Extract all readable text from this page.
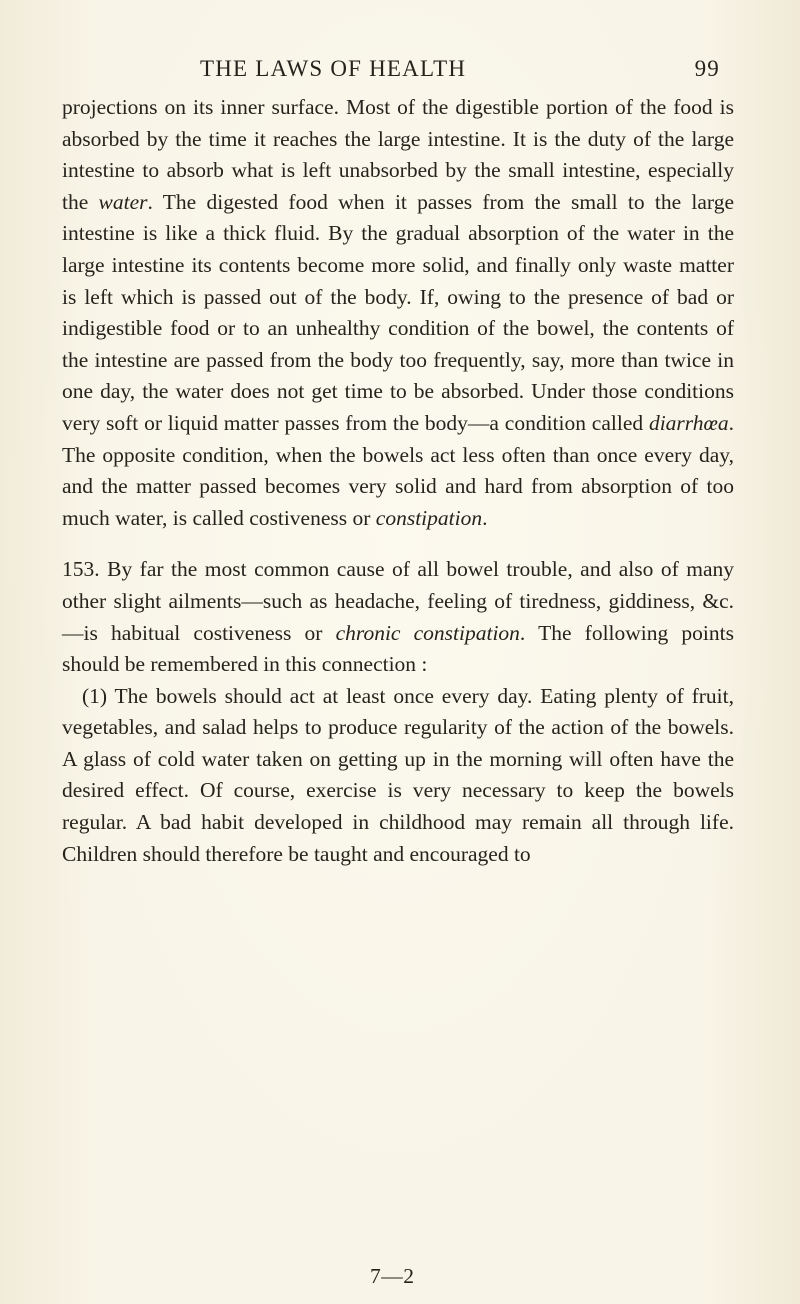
THE LAWS OF HEALTH	99

projections on its inner surface. Most of the digestible portion of the food is absorbed by the time it reaches the large intestine. It is the duty of the large intestine to absorb what is left unabsorbed by the small intestine, especially the water. The digested food when it passes from the small to the large intestine is like a thick fluid. By the gradual absorption of the water in the large intestine its contents become more solid, and finally only waste matter is left which is passed out of the body. If, owing to the presence of bad or indigestible food or to an unhealthy condition of the bowel, the contents of the intestine are passed from the body too frequently, say, more than twice in one day, the water does not get time to be absorbed. Under those conditions very soft or liquid matter passes from the body—a condition called diarrhœa. The opposite condition, when the bowels act less often than once every day, and the matter passed becomes very solid and hard from absorption of too much water, is called costiveness or constipation.

153. By far the most common cause of all bowel trouble, and also of many other slight ailments—such as headache, feeling of tiredness, giddiness, &c.—is habitual costiveness or chronic constipation. The following points should be remembered in this connection :

(1) The bowels should act at least once every day. Eating plenty of fruit, vegetables, and salad helps to produce regularity of the action of the bowels. A glass of cold water taken on getting up in the morning will often have the desired effect. Of course, exercise is very necessary to keep the bowels regular. A bad habit developed in childhood may remain all through life. Children should therefore be taught and encouraged to

7—2
